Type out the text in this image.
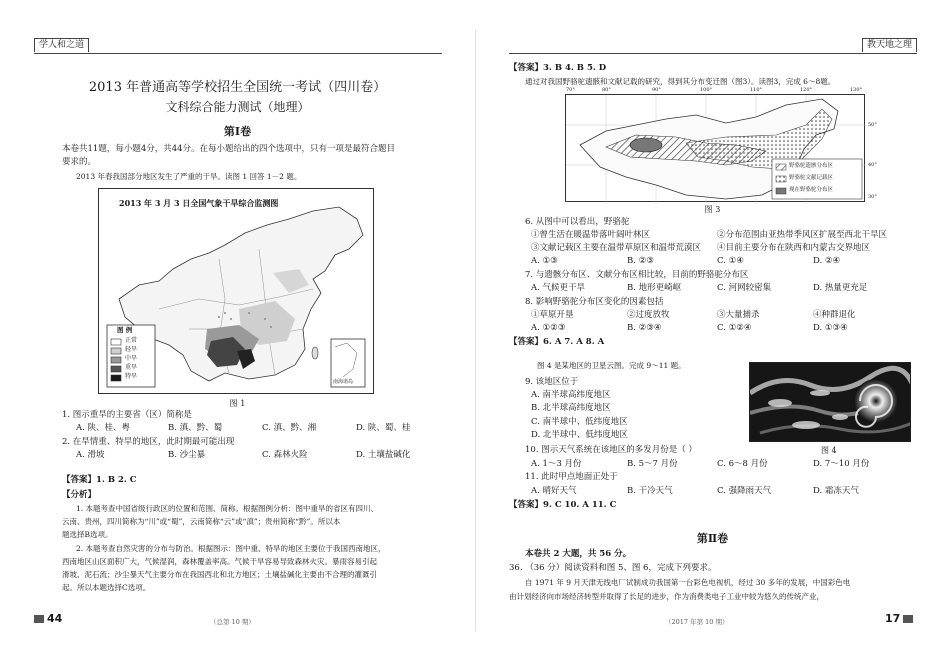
学人和之道
2013 年普通高等学校招生全国统一考试（四川卷）
文科综合能力测试（地理）
第Ⅰ卷
本卷共11题，每小题4分，共44分。在每小题给出的四个选项中，只有一项是最符合题目
要求的。
2013 年春我国部分地区发生了严重的干旱。读图 1 回答 1－2 题。
2013 年 3 月 3 日全国气象干旱综合监测图
图 例
正常
轻旱
中旱
重旱
特旱
南海诸岛
图 1
1. 图示重旱的主要省（区）简称是
A. 陕、桂、粤	B. 滇、黔、蜀	C. 滇、黔、湘	D. 陕、蜀、桂
2. 在旱情重、特旱的地区，此时期最可能出现
A. 滑坡	B. 沙尘暴	C. 森林火险	D. 土壤盐碱化
【答案】1. B 2. C
【分析】
1. 本题考查中国省级行政区的位置和范围、简称。根据图例分析：图中重旱的省区有四川、
云南、贵州，四川简称为“川”或“蜀”，云南简称“云”或“滇”；贵州简称“黔”。所以本
题选择B选项。
2. 本题考查自然灾害的分布与防治。根据图示：图中重、特旱的地区主要位于我国西南地区，
西南地区山区面积广大，气候湿润，森林覆盖率高。气候干旱容易导致森林火灾。暴雨容易引起
滑坡、泥石流；沙尘暴天气主要分布在我国西北和北方地区；土壤盐碱化主要由不合理的灌溉引
起。所以本题选择C选项。
44	（总第 10 期）
教天地之理
【答案】3. B 4. B 5. D
通过对我国野骆驼遗骸和文献记载的研究，得到其分布变迁图（图3）。读图3，完成 6～8题。
野骆驼遗骸分布区
野骆驼文献记载区
现在野骆驼分布区
70°	80°	90°	100°	110°	120°	130°
50°
40°
30°
图 3
6. 从图中可以看出，野骆驼
①曾生活在暖温带落叶阔叶林区	②分布范围由亚热带季风区扩展至西北干旱区
③文献记载区主要在温带草原区和温带荒漠区 ④目前主要分布在陕西和内蒙古交界地区
A. ①③	B. ②③	C. ①④	D. ②④
7. 与遗骸分布区、文献分布区相比较，目前的野骆驼分布区
A. 气候更干旱	B. 地形更崎岖	C. 河网较密集	D. 热量更充足
8. 影响野骆驼分布区变化的因素包括
①草原开垦	②过度放牧	③大量捕杀	④种群退化
A. ①②③	B. ②③④	C. ①②④	D. ①③④
【答案】6. A 7. A 8. A
图 4 是某地区的卫星云图。完成 9～11 题。
9. 该地区位于
A. 南半球高纬度地区
B. 北半球高纬度地区
C. 南半球中、低纬度地区
D. 北半球中、低纬度地区
图 4
10. 图示天气系统在该地区的多发月份是（ ）
A. 1～3 月份	B. 5～7 月份	C. 6～8 月份	D. 7～10 月份
11. 此时甲点地面正处于
A. 晴好天气	B. 干冷天气	C. 强降雨天气	D. 霜冻天气
【答案】9. C 10. A 11. C
第Ⅱ卷
本卷共 2 大题，共 56 分。
36. （36 分）阅读资料和图 5、图 6，完成下列要求。
自 1971 年 9 月天津无线电厂试制成功我国第一台彩色电视机，经过 30 多年的发展，中国彩色电
由计划经济向市场经济转型并取得了长足的进步，作为消费类电子工业中较为悠久的传统产业，
（2017 年第 10 期）	17
